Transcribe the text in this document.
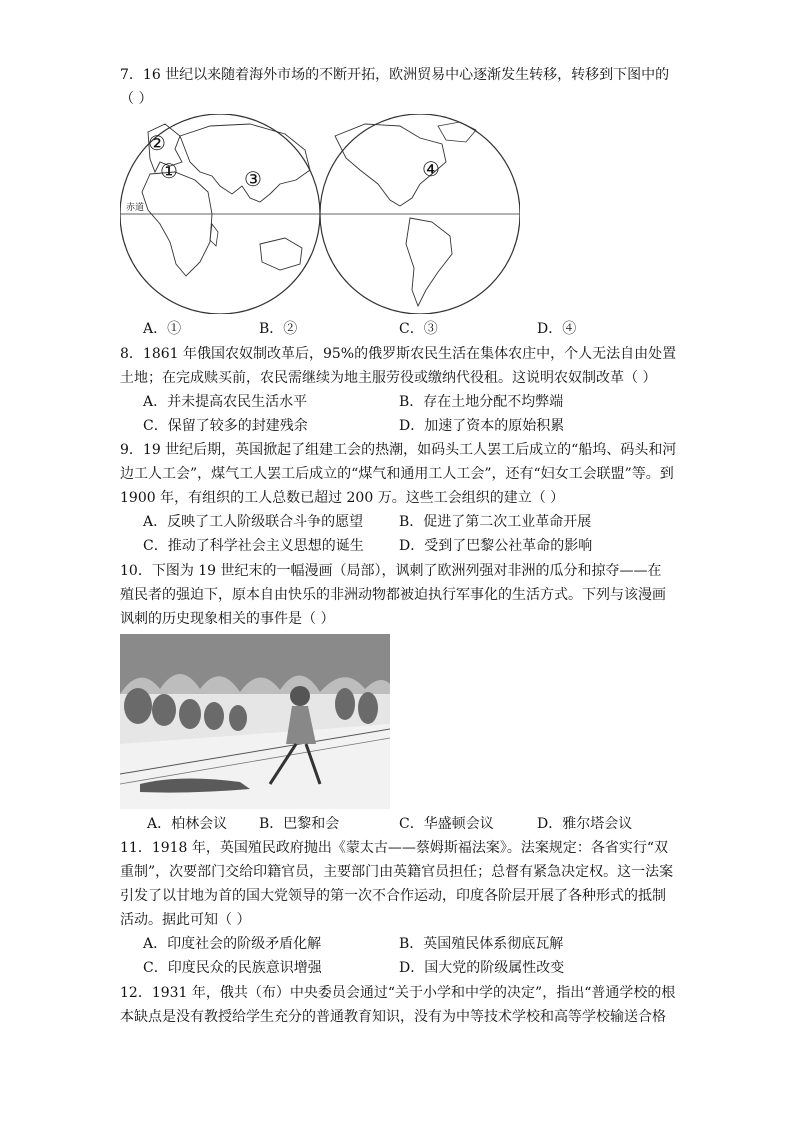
7．16 世纪以来随着海外市场的不断开拓，欧洲贸易中心逐渐发生转移，转移到下图中的
（ ）
赤道
②
①	③	④
A．①	B．②	C．③	D．④
8．1861 年俄国农奴制改革后，95%的俄罗斯农民生活在集体农庄中，个人无法自由处置
土地；在完成赎买前，农民需继续为地主服劳役或缴纳代役租。这说明农奴制改革（ ）
A．并未提高农民生活水平	B．存在土地分配不均弊端
C．保留了较多的封建残余	D．加速了资本的原始积累
9．19 世纪后期，英国掀起了组建工会的热潮，如码头工人罢工后成立的“船坞、码头和河
边工人工会”，煤气工人罢工后成立的“煤气和通用工人工会”，还有“妇女工会联盟”等。到
1900 年，有组织的工人总数已超过 200 万。这些工会组织的建立（ ）
A．反映了工人阶级联合斗争的愿望	B．促进了第二次工业革命开展
C．推动了科学社会主义思想的诞生	D．受到了巴黎公社革命的影响
10．下图为 19 世纪末的一幅漫画（局部），讽刺了欧洲列强对非洲的瓜分和掠夺——在
殖民者的强迫下，原本自由快乐的非洲动物都被迫执行军事化的生活方式。下列与该漫画
讽刺的历史现象相关的事件是（ ）
A．柏林会议 B．巴黎和会	C．华盛顿会议	D．雅尔塔会议
11．1918 年，英国殖民政府抛出《蒙太古——蔡姆斯福法案》。法案规定：各省实行“双
重制”，次要部门交给印籍官员，主要部门由英籍官员担任；总督有紧急决定权。这一法案
引发了以甘地为首的国大党领导的第一次不合作运动，印度各阶层开展了各种形式的抵制
活动。据此可知（ ）
A．印度社会的阶级矛盾化解	B．英国殖民体系彻底瓦解
C．印度民众的民族意识增强	D．国大党的阶级属性改变
12．1931 年，俄共（布）中央委员会通过“关于小学和中学的决定”，指出“普通学校的根
本缺点是没有教授给学生充分的普通教育知识，没有为中等技术学校和高等学校输送合格
